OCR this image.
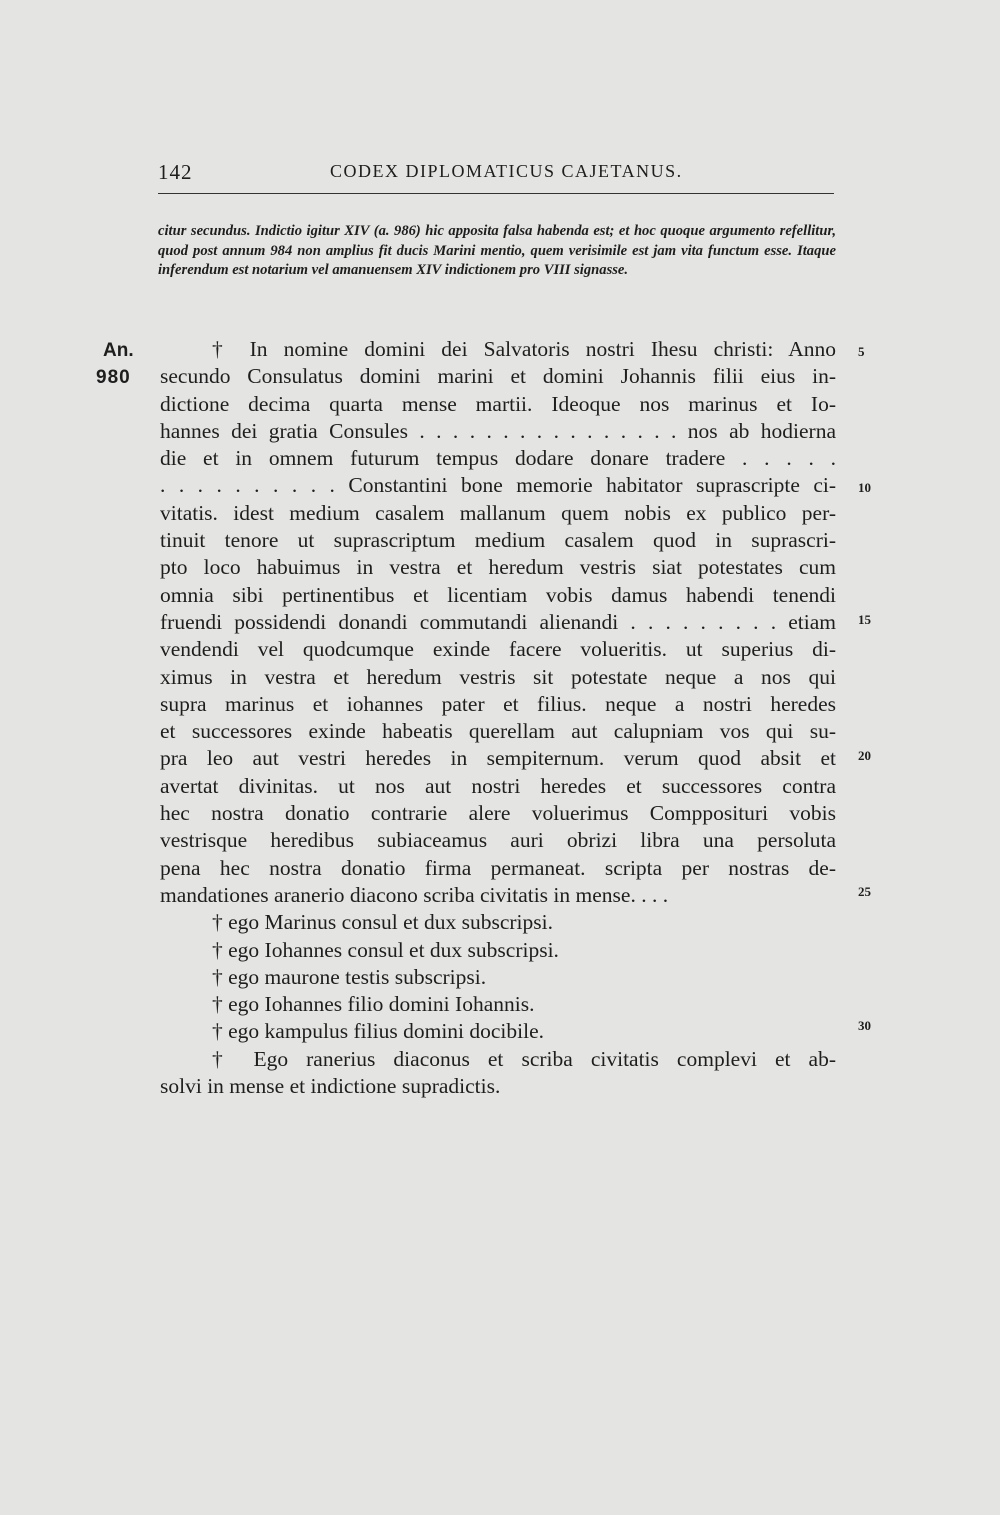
142	CODEX DIPLOMATICUS CAJETANUS.
citur secundus. Indictio igitur XIV (a. 986) hic apposita falsa habenda est; et hoc quoque argumento refellitur, quod post annum 984 non amplius fit ducis Marini mentio, quem verisimile est jam vita functum esse. Itaque inferendum est notarium vel amanuensem XIV indictionem pro VIII signasse.
An.
980
† In nomine domini dei Salvatoris nostri Ihesu christi: Anno
secundo Consulatus domini marini et domini Johannis filii eius in-
dictione decima quarta mense martii. Ideoque nos marinus et Io-
hannes dei gratia Consules . . . . . . . . . . . . . . . . nos ab hodierna
die et in omnem futurum tempus dodare donare tradere . . . . .
. . . . . . . . . . Constantini bone memorie habitator suprascripte ci-
vitatis. idest medium casalem mallanum quem nobis ex publico per-
tinuit tenore ut suprascriptum medium casalem quod in suprascri-
pto loco habuimus in vestra et heredum vestris siat potestates cum
omnia sibi pertinentibus et licentiam vobis damus habendi tenendi
fruendi possidendi donandi commutandi alienandi . . . . . . . . . etiam
vendendi vel quodcumque exinde facere volueritis. ut superius di-
ximus in vestra et heredum vestris sit potestate neque a nos qui
supra marinus et iohannes pater et filius. neque a nostri heredes
et successores exinde habeatis querellam aut calupniam vos qui su-
pra leo aut vestri heredes in sempiternum. verum quod absit et
avertat divinitas. ut nos aut nostri heredes et successores contra
hec nostra donatio contrarie alere voluerimus Compposituri vobis
vestrisque heredibus subiaceamus auri obrizi libra una persoluta
pena hec nostra donatio firma permaneat. scripta per nostras de-
mandationes aranerio diacono scriba civitatis in mense. . . .
† ego Marinus consul et dux subscripsi.
† ego Iohannes consul et dux subscripsi.
† ego maurone testis subscripsi.
† ego Iohannes filio domini Iohannis.
† ego kampulus filius domini docibile.
† Ego ranerius diaconus et scriba civitatis complevi et ab-
solvi in mense et indictione supradictis.
5
10
15
20
25
30
